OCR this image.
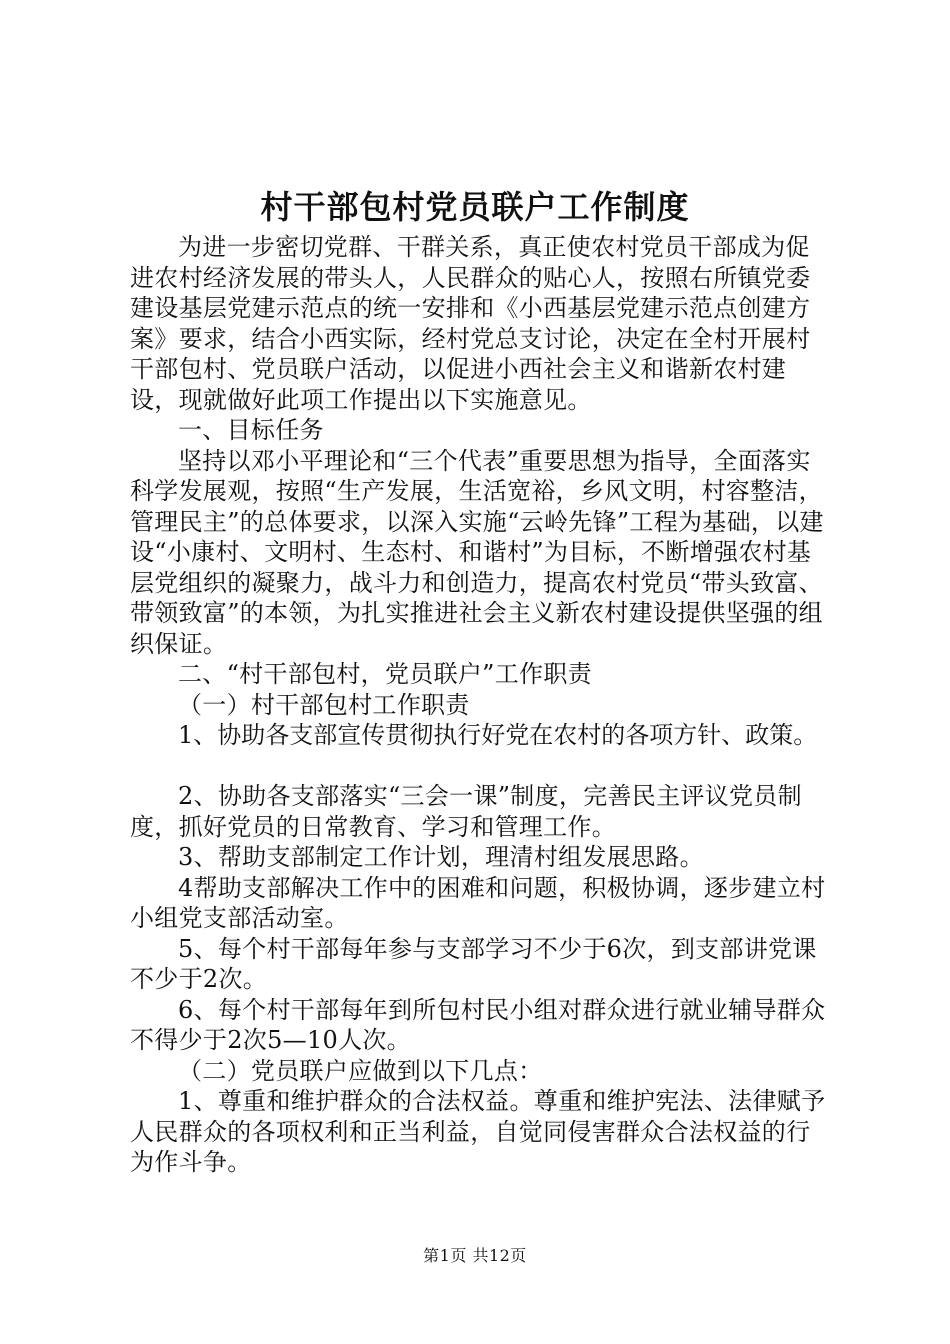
村干部包村党员联户工作制度

为进一步密切党群、干群关系，真正使农村党员干部成为促进农村经济发展的带头人，人民群众的贴心人，按照右所镇党委建设基层党建示范点的统一安排和《小西基层党建示范点创建方案》要求，结合小西实际，经村党总支讨论，决定在全村开展村干部包村、党员联户活动，以促进小西社会主义和谐新农村建设，现就做好此项工作提出以下实施意见。

一、目标任务

坚持以邓小平理论和“三个代表”重要思想为指导，全面落实科学发展观，按照“生产发展，生活宽裕，乡风文明，村容整洁，管理民主”的总体要求，以深入实施“云岭先锋”工程为基础，以建设“小康村、文明村、生态村、和谐村”为目标，不断增强农村基层党组织的凝聚力，战斗力和创造力，提高农村党员“带头致富、带领致富”的本领，为扎实推进社会主义新农村建设提供坚强的组织保证。

二、“村干部包村，党员联户”工作职责

（一）村干部包村工作职责

1、协助各支部宣传贯彻执行好党在农村的各项方针、政策。

2、协助各支部落实“三会一课”制度，完善民主评议党员制度，抓好党员的日常教育、学习和管理工作。

3、帮助支部制定工作计划，理清村组发展思路。

4帮助支部解决工作中的困难和问题，积极协调，逐步建立村小组党支部活动室。

5、每个村干部每年参与支部学习不少于6次，到支部讲党课不少于2次。

6、每个村干部每年到所包村民小组对群众进行就业辅导群众不得少于2次5—10人次。

（二）党员联户应做到以下几点：

1、尊重和维护群众的合法权益。尊重和维护宪法、法律赋予人民群众的各项权利和正当利益，自觉同侵害群众合法权益的行为作斗争。

第1页 共12页
